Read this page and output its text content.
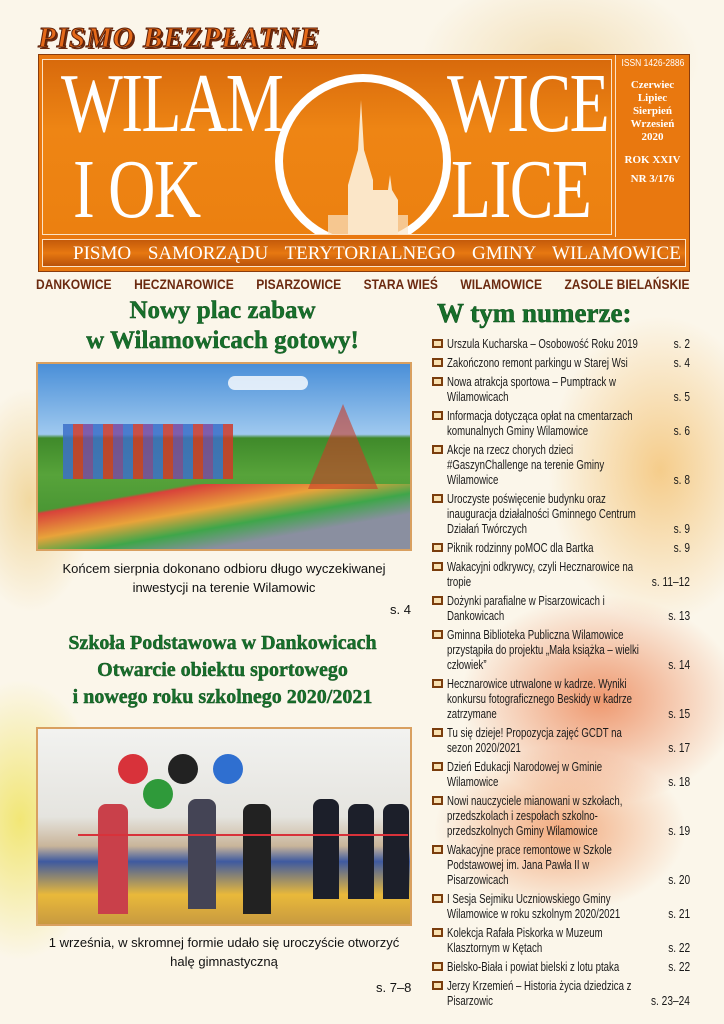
PISMO BEZPŁATNE
WILAM WICE
I OK	LICE
ISSN 1426-2886
Czerwiec
Lipiec
Sierpień
Wrzesień
2020
ROK XXIV
NR 3/176
PISMO SAMORZĄDU TERYTORIALNEGO GMINY WILAMOWICE
DANKOWICE HECZNAROWICE PISARZOWICE STARA WIEŚ WILAMOWICE ZASOLE BIELAŃSKIE
Nowy plac zabaw
w Wilamowicach gotowy!
Końcem sierpnia dokonano odbioru długo wyczekiwanej inwestycji na terenie Wilamowic
s. 4
Szkoła Podstawowa w Dankowicach
Otwarcie obiektu sportowego
i nowego roku szkolnego 2020/2021
1 września, w skromnej formie udało się uroczyście otworzyć halę gimnastyczną
s. 7–8
W tym numerze:
Urszula Kucharska – Osobowość Roku 2019	s. 2
Zakończono remont parkingu w Starej Wsi	s. 4
Nowa atrakcja sportowa – Pumptrack w Wilamowicach	s. 5
Informacja dotycząca opłat na cmentarzach komunalnych Gminy Wilamowice	s. 6
Akcje na rzecz chorych dzieci #GaszynChallenge na terenie Gminy Wilamowice	s. 8
Uroczyste poświęcenie budynku oraz inauguracja działalności Gminnego Centrum Działań Twórczych	s. 9
Piknik rodzinny poMOC dla Bartka	s. 9
Wakacyjni odkrywcy, czyli Hecznarowice na tropie	s. 11–12
Dożynki parafialne w Pisarzowicach i Dankowicach	s. 13
Gminna Biblioteka Publiczna Wilamowice przystąpiła do projektu „Mała książka – wielki człowiek”	s. 14
Hecznarowice utrwalone w kadrze. Wyniki konkursu fotograficznego Beskidy w kadrze zatrzymane	s. 15
Tu się dzieje! Propozycja zajęć GCDT na sezon 2020/2021	s. 17
Dzień Edukacji Narodowej w Gminie Wilamowice	s. 18
Nowi nauczyciele mianowani w szkołach, przedszkolach i zespołach szkolno-przedszkolnych Gminy Wilamowice	s. 19
Wakacyjne prace remontowe w Szkole Podstawowej im. Jana Pawła II w Pisarzowicach	s. 20
I Sesja Sejmiku Uczniowskiego Gminy Wilamowice w roku szkolnym 2020/2021	s. 21
Kolekcja Rafała Piskorka w Muzeum Klasztornym w Kętach	s. 22
Bielsko-Biała i powiat bielski z lotu ptaka	s. 22
Jerzy Krzemień – Historia życia dziedzica z Pisarzowic	s. 23–24
